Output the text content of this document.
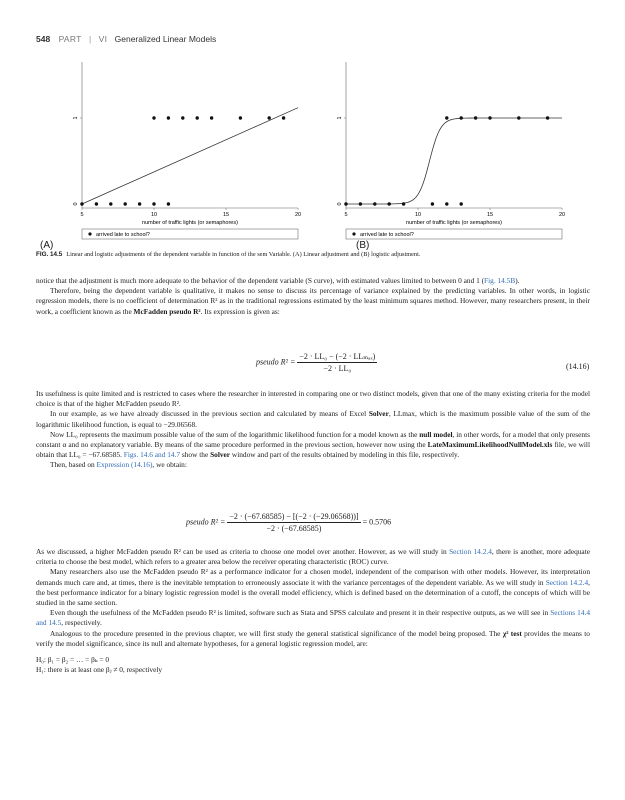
548 PART | VI Generalized Linear Models
5	10	15	20
0
1
number of traffic lights (or semaphores)
arrived late to school?
5	10	15	20
0
1
number of traffic lights (or semaphores)
arrived late to school?
(A)	(B)
FIG. 14.5 Linear and logistic adjustments of the dependent variable in function of the sem Variable. (A) Linear adjustment and (B) logistic adjustment.

notice that the adjustment is much more adequate to the behavior of the dependent variable (S curve), with estimated values limited to between 0 and 1 (Fig. 14.5B).

Therefore, being the dependent variable is qualitative, it makes no sense to discuss its percentage of variance explained by the predicting variables. In other words, in logistic regression models, there is no coefficient of determination R² as in the traditional regressions estimated by the least minimum squares method. However, many researchers present, in their work, a coefficient known as the McFadden pseudo R². Its expression is given as:

pseudo $R^2 = \frac{\text{−2 · LL₀ − (−2 · LLₘₐₓ)}}{\text{−2 · LL₀}}$	(14.16)

Its usefulness is quite limited and is restricted to cases where the researcher in interested in comparing one or two distinct models, given that one of the many existing criteria for the model choice is that of the higher McFadden pseudo R².

In our example, as we have already discussed in the previous section and calculated by means of Excel Solver, LLmax, which is the maximum possible value of the sum of the logarithmic likelihood function, is equal to −29.06568.

Now LL₀ represents the maximum possible value of the sum of the logarithmic likelihood function for a model known as the null model, in other words, for a model that only presents constant α and no explanatory variable. By means of the same procedure performed in the previous section, however now using the LateMaximumLikelihoodNullModel.xls file, we will obtain that LL₀ = −67.68585. Figs. 14.6 and 14.7 show the Solver window and part of the results obtained by modeling in this file, respectively.

Then, based on Expression (14.16), we obtain:

pseudo $R^2 = \frac{-2 \cdot (-67.68585) - [(-2 \cdot (-29.06568))]}{-2 \cdot (-67.68585)} = 0.5706$

As we discussed, a higher McFadden pseudo R² can be used as criteria to choose one model over another. However, as we will study in Section 14.2.4, there is another, more adequate criteria to choose the best model, which refers to a greater area below the receiver operating characteristic (ROC) curve.

Many researchers also use the McFadden pseudo R² as a performance indicator for a chosen model, independent of the comparison with other models. However, its interpretation demands much care and, at times, there is the inevitable temptation to erroneously associate it with the variance percentages of the dependent variable. As we will study in Section 14.2.4, the best performance indicator for a binary logistic regression model is the overall model efficiency, which is defined based on the determination of a cutoff, the concepts of which will be studied in the same section.

Even though the usefulness of the McFadden pseudo R² is limited, software such as Stata and SPSS calculate and present it in their respective outputs, as we will see in Sections 14.4 and 14.5, respectively.

Analogous to the procedure presented in the previous chapter, we will first study the general statistical significance of the model being proposed. The χ² test provides the means to verify the model significance, since its null and alternate hypotheses, for a general logistic regression model, are:

H₀: β₁ = β₂ = … = βₖ = 0

H₁: there is at least one βⱼ ≠ 0, respectively
